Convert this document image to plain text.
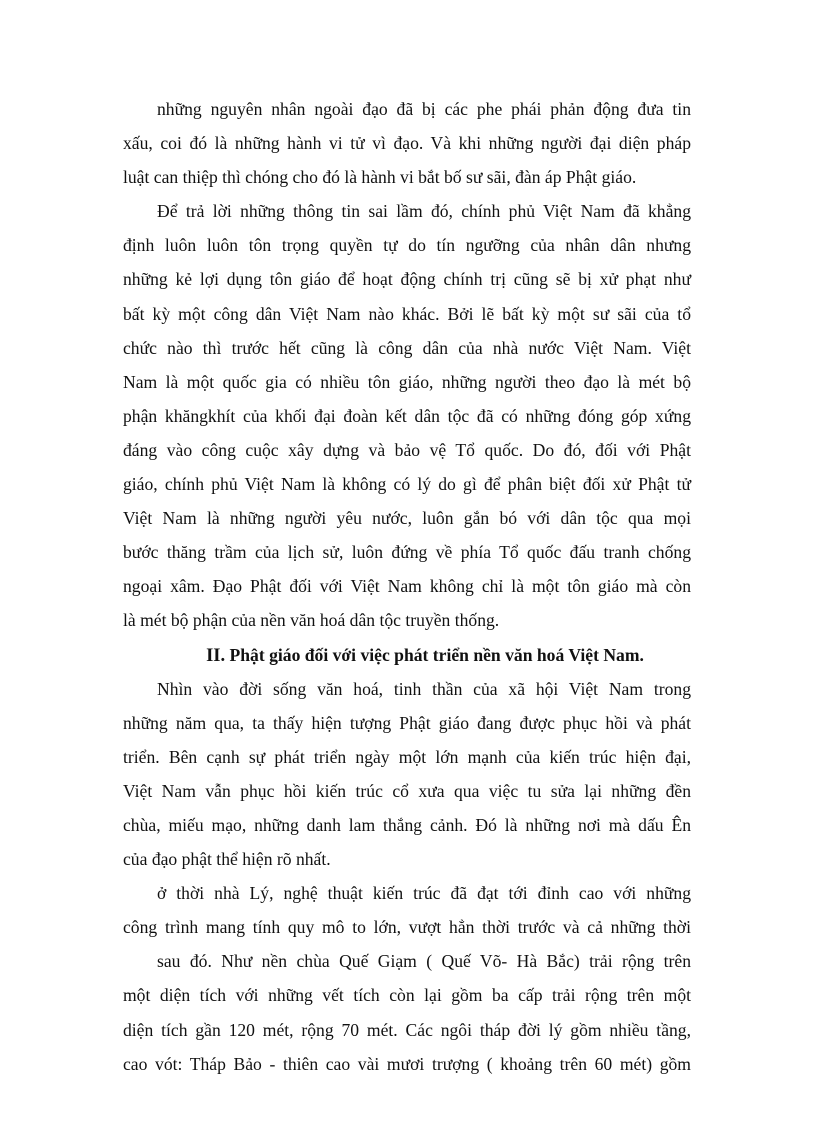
những nguyên nhân ngoài đạo đã bị các phe phái phản động đưa tin
xấu, coi đó là những hành vi tử vì đạo. Và khi những người đại diện pháp
luật can thiệp thì chóng cho đó là hành vi bắt bố sư sãi, đàn áp Phật giáo.
Để trả lời những thông tin sai lầm đó, chính phủ Việt Nam đã khẳng
định luôn luôn tôn trọng quyền tự do tín ngưỡng của nhân dân nhưng
những kẻ lợi dụng tôn giáo để hoạt động chính trị cũng sẽ bị xử phạt như
bất kỳ một công dân Việt Nam nào khác. Bởi lẽ bất kỳ một sư sãi của tổ
chức nào thì trước hết cũng là công dân của nhà nước Việt Nam. Việt
Nam là một quốc gia có nhiều tôn giáo, những người theo đạo là mét bộ
phận khăngkhít của khối đại đoàn kết dân tộc đã có những đóng góp xứng
đáng vào công cuộc xây dựng và bảo vệ Tổ quốc. Do đó, đối với Phật
giáo, chính phủ Việt Nam là không có lý do gì để phân biệt đối xử Phật tử
Việt Nam là những người yêu nước, luôn gắn bó với dân tộc qua mọi
bước thăng trầm của lịch sử, luôn đứng về phía Tổ quốc đấu tranh chống
ngoại xâm. Đạo Phật đối với Việt Nam không chỉ là một tôn giáo mà còn
là mét bộ phận của nền văn hoá dân tộc truyền thống.
II. Phật giáo đối với việc phát triển nền văn hoá Việt Nam.
Nhìn vào đời sống văn hoá, tinh thần của xã hội Việt Nam trong
những năm qua, ta thấy hiện tượng Phật giáo đang được phục hồi và phát
triển. Bên cạnh sự phát triển ngày một lớn mạnh của kiến trúc hiện đại,
Việt Nam vẫn phục hồi kiến trúc cổ xưa qua việc tu sửa lại những đền
chùa, miếu mạo, những danh lam thắng cảnh. Đó là những nơi mà dấu Ên
của đạo phật thể hiện rõ nhất.
ở thời nhà Lý, nghệ thuật kiến trúc đã đạt tới đỉnh cao với những
công trình mang tính quy mô to lớn, vượt hẳn thời trước và cả những thời
sau đó. Như nền chùa Quế Giạm ( Quế Võ- Hà Bắc) trải rộng trên
một diện tích với những vết tích còn lại gồm ba cấp trải rộng trên một
diện tích gần 120 mét, rộng 70 mét. Các ngôi tháp đời lý gồm nhiều tầng,
cao vót: Tháp Bảo - thiên cao vài mươi trượng ( khoảng trên 60 mét) gồm
